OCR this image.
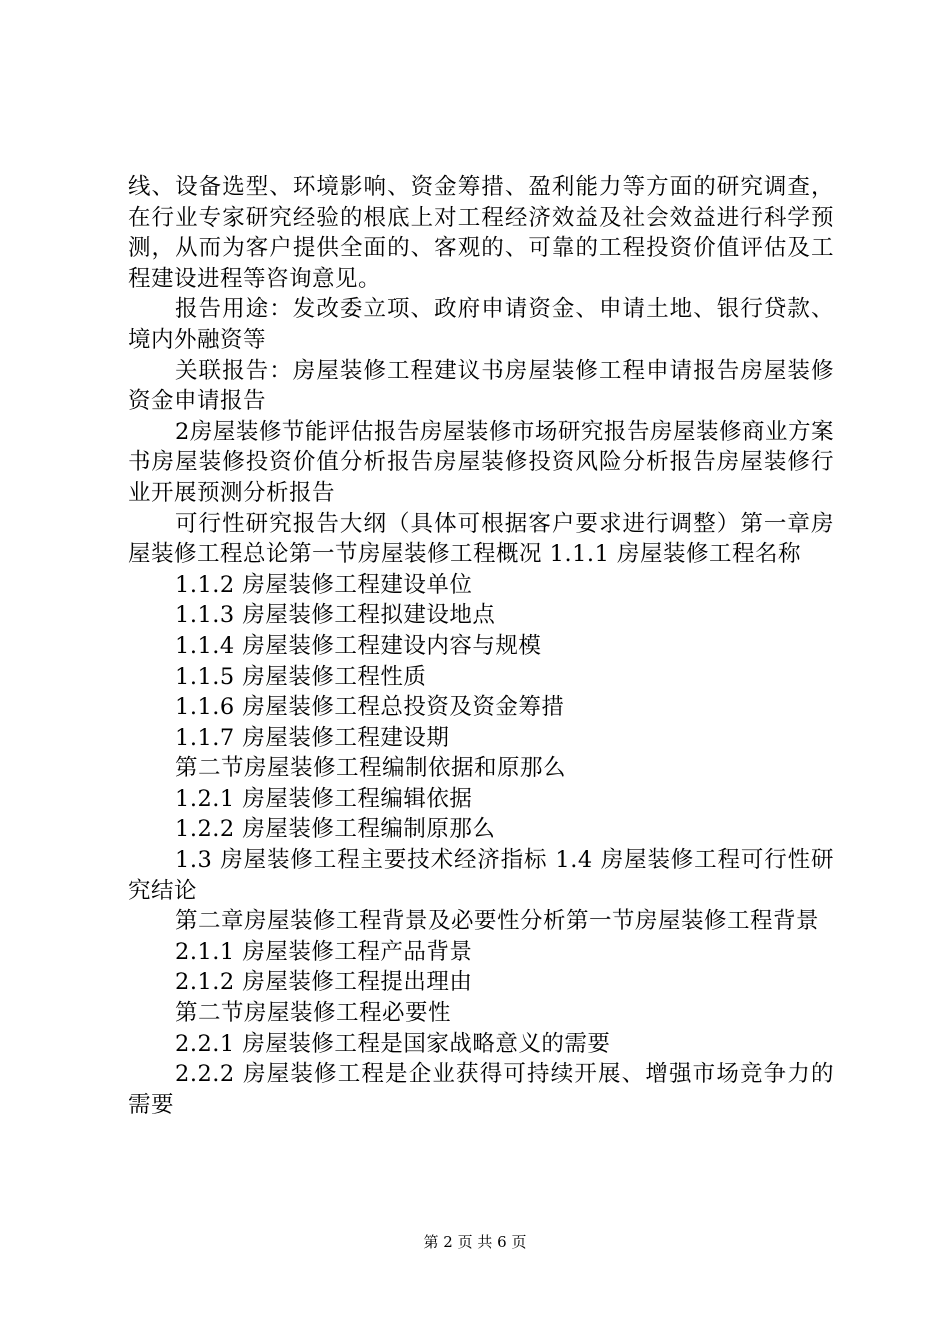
线、设备选型、环境影响、资金筹措、盈利能力等方面的研究调查，在行业专家研究经验的根底上对工程经济效益及社会效益进行科学预测，从而为客户提供全面的、客观的、可靠的工程投资价值评估及工程建设进程等咨询意见。

报告用途：发改委立项、政府申请资金、申请土地、银行贷款、境内外融资等

关联报告：房屋装修工程建议书房屋装修工程申请报告房屋装修资金申请报告

2房屋装修节能评估报告房屋装修市场研究报告房屋装修商业方案书房屋装修投资价值分析报告房屋装修投资风险分析报告房屋装修行业开展预测分析报告

可行性研究报告大纲（具体可根据客户要求进行调整）第一章房屋装修工程总论第一节房屋装修工程概况 1.1.1 房屋装修工程名称

1.1.2 房屋装修工程建设单位

1.1.3 房屋装修工程拟建设地点

1.1.4 房屋装修工程建设内容与规模

1.1.5 房屋装修工程性质

1.1.6 房屋装修工程总投资及资金筹措

1.1.7 房屋装修工程建设期

第二节房屋装修工程编制依据和原那么

1.2.1 房屋装修工程编辑依据

1.2.2 房屋装修工程编制原那么

1.3 房屋装修工程主要技术经济指标 1.4 房屋装修工程可行性研究结论

第二章房屋装修工程背景及必要性分析第一节房屋装修工程背景

2.1.1 房屋装修工程产品背景

2.1.2 房屋装修工程提出理由

第二节房屋装修工程必要性

2.2.1 房屋装修工程是国家战略意义的需要

2.2.2 房屋装修工程是企业获得可持续开展、增强市场竞争力的需要

第 2 页 共 6 页
